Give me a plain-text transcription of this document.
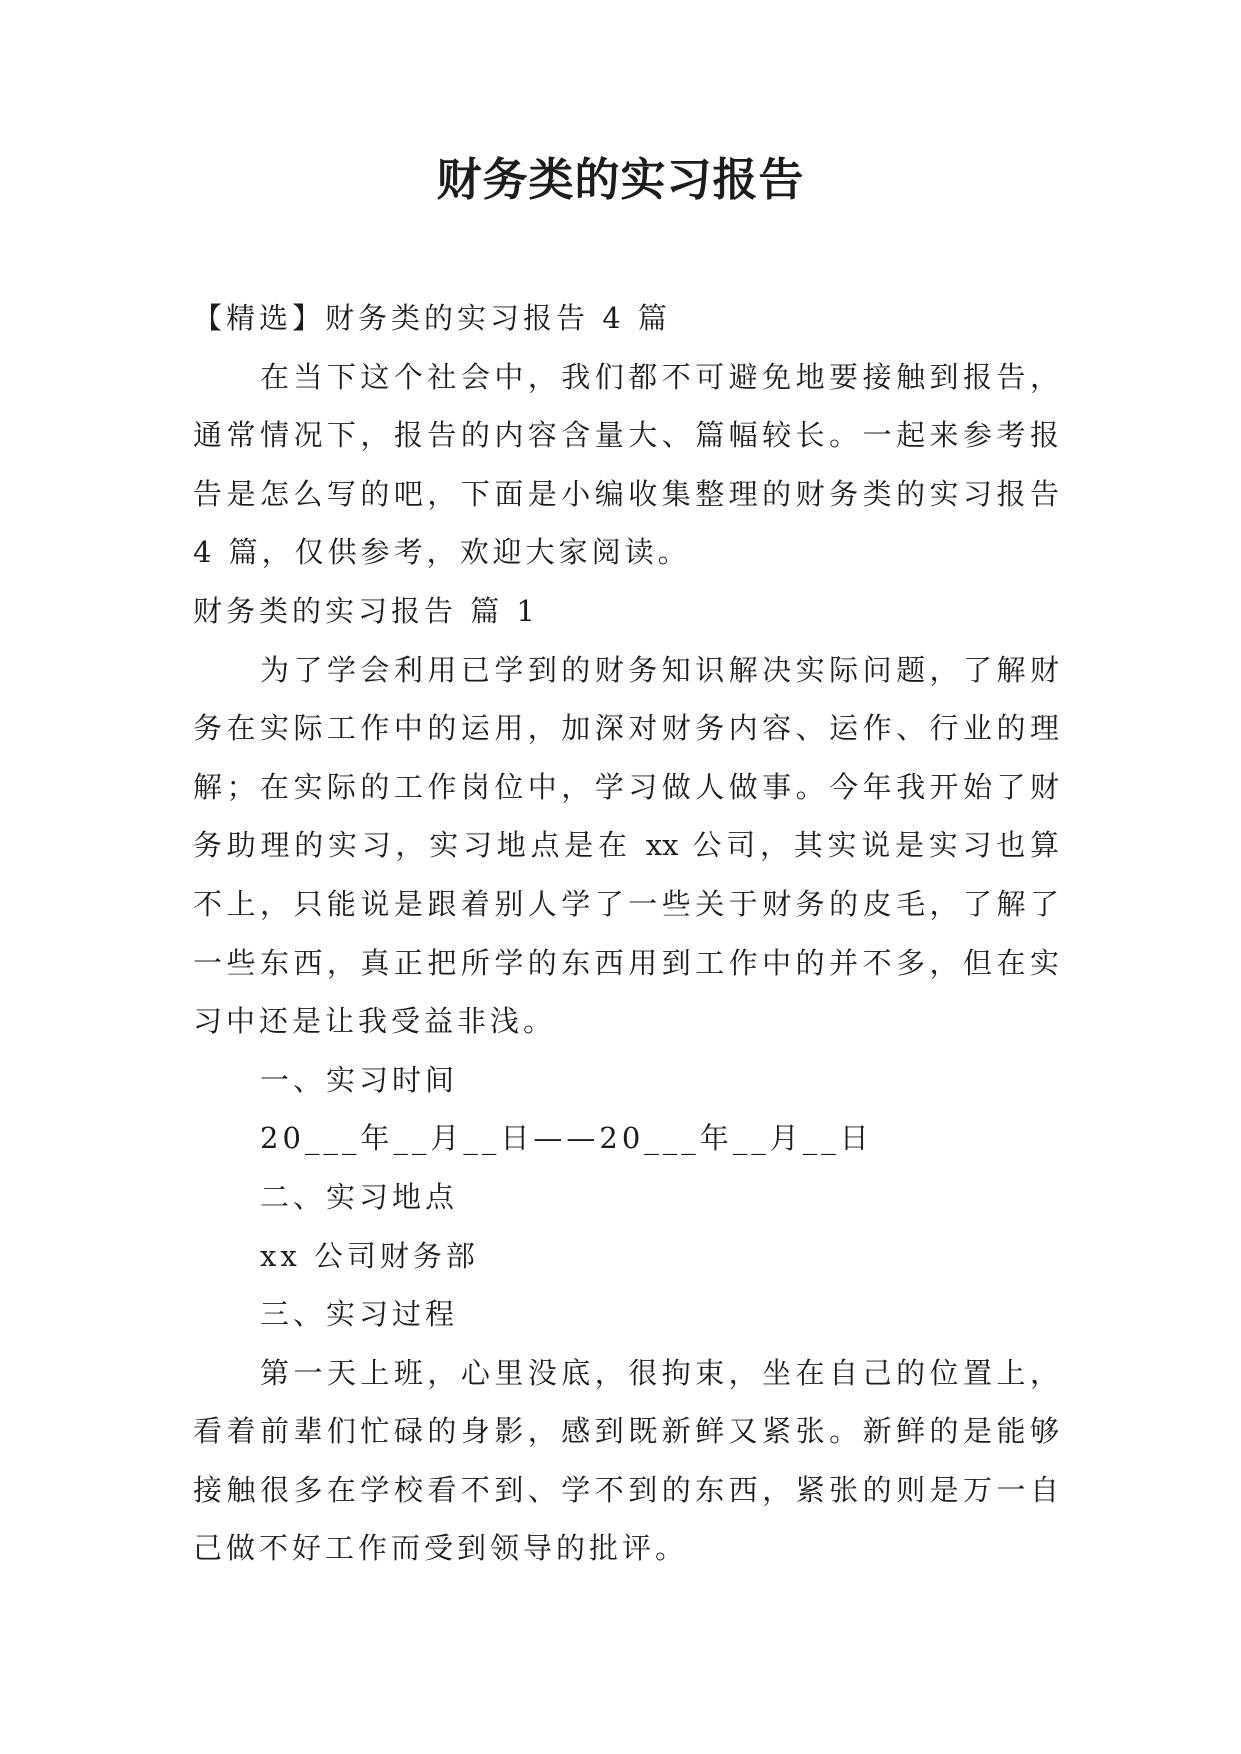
财务类的实习报告
【精选】财务类的实习报告 4 篇
在当下这个社会中，我们都不可避免地要接触到报告，
通常情况下，报告的内容含量大、篇幅较长。一起来参考报
告是怎么写的吧，下面是小编收集整理的财务类的实习报告
4 篇，仅供参考，欢迎大家阅读。
财务类的实习报告 篇 1
为了学会利用已学到的财务知识解决实际问题，了解财
务在实际工作中的运用，加深对财务内容、运作、行业的理
解；在实际的工作岗位中，学习做人做事。今年我开始了财
务助理的实习，实习地点是在 xx 公司，其实说是实习也算
不上，只能说是跟着别人学了一些关于财务的皮毛，了解了
一些东西，真正把所学的东西用到工作中的并不多，但在实
习中还是让我受益非浅。
一、实习时间
20___年__月__日——20___年__月__日
二、实习地点
xx 公司财务部
三、实习过程
第一天上班，心里没底，很拘束，坐在自己的位置上，
看着前辈们忙碌的身影，感到既新鲜又紧张。新鲜的是能够
接触很多在学校看不到、学不到的东西，紧张的则是万一自
己做不好工作而受到领导的批评。
